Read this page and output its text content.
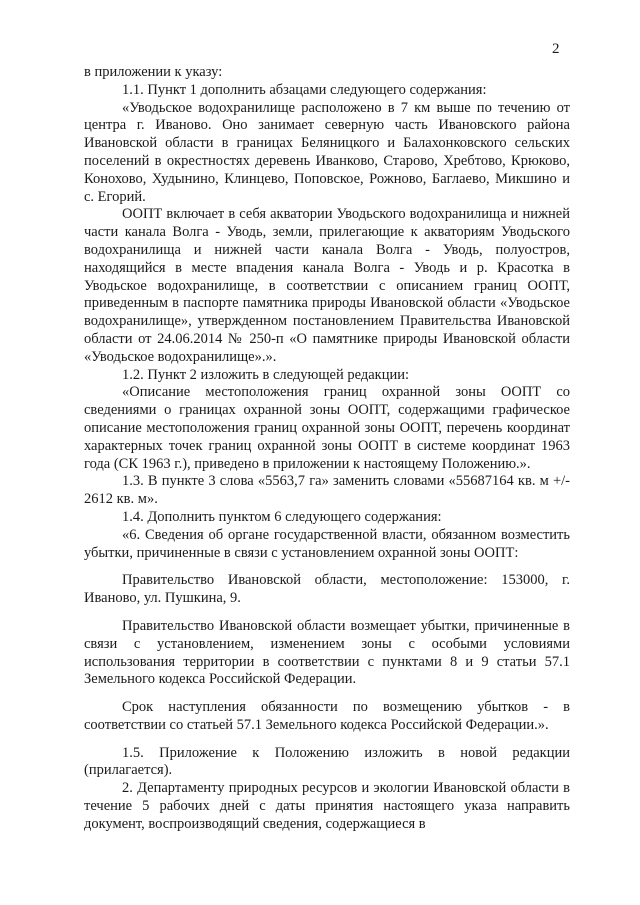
2

в приложении к указу:

1.1. Пункт 1 дополнить абзацами следующего содержания:

«Уводьское водохранилище расположено в 7 км выше по течению от центра г. Иваново. Оно занимает северную часть Ивановского района Ивановской области в границах Беляницкого и Балахонковского сельских поселений в окрестностях деревень Иванково, Старово, Хребтово, Крюково, Конохово, Худынино, Клинцево, Поповское, Рожново, Баглаево, Микшино и с. Егорий.

ООПТ включает в себя акватории Уводьского водохранилища и нижней части канала Волга - Уводь, земли, прилегающие к акваториям Уводьского водохранилища и нижней части канала Волга - Уводь, полуостров, находящийся в месте впадения канала Волга - Уводь и р. Красотка в Уводьское водохранилище, в соответствии с описанием границ ООПТ, приведенным в паспорте памятника природы Ивановской области «Уводьское водохранилище», утвержденном постановлением Правительства Ивановской области от 24.06.2014 № 250-п «О памятнике природы Ивановской области «Уводьское водохранилище».».

1.2. Пункт 2 изложить в следующей редакции:

«Описание местоположения границ охранной зоны ООПТ со сведениями о границах охранной зоны ООПТ, содержащими графическое описание местоположения границ охранной зоны ООПТ, перечень координат характерных точек границ охранной зоны ООПТ в системе координат 1963 года (СК 1963 г.), приведено в приложении к настоящему Положению.».

1.3. В пункте 3 слова «5563,7 га» заменить словами «55687164 кв. м +/- 2612 кв. м».

1.4. Дополнить пунктом 6 следующего содержания:

«6. Сведения об органе государственной власти, обязанном возместить убытки, причиненные в связи с установлением охранной зоны ООПТ:

Правительство Ивановской области, местоположение: 153000, г. Иваново, ул. Пушкина, 9.

Правительство Ивановской области возмещает убытки, причиненные в связи с установлением, изменением зоны с особыми условиями использования территории в соответствии с пунктами 8 и 9 статьи 57.1 Земельного кодекса Российской Федерации.

Срок наступления обязанности по возмещению убытков - в соответствии со статьей 57.1 Земельного кодекса Российской Федерации.».

1.5. Приложение к Положению изложить в новой редакции (прилагается).

2. Департаменту природных ресурсов и экологии Ивановской области в течение 5 рабочих дней с даты принятия настоящего указа направить документ, воспроизводящий сведения, содержащиеся в
